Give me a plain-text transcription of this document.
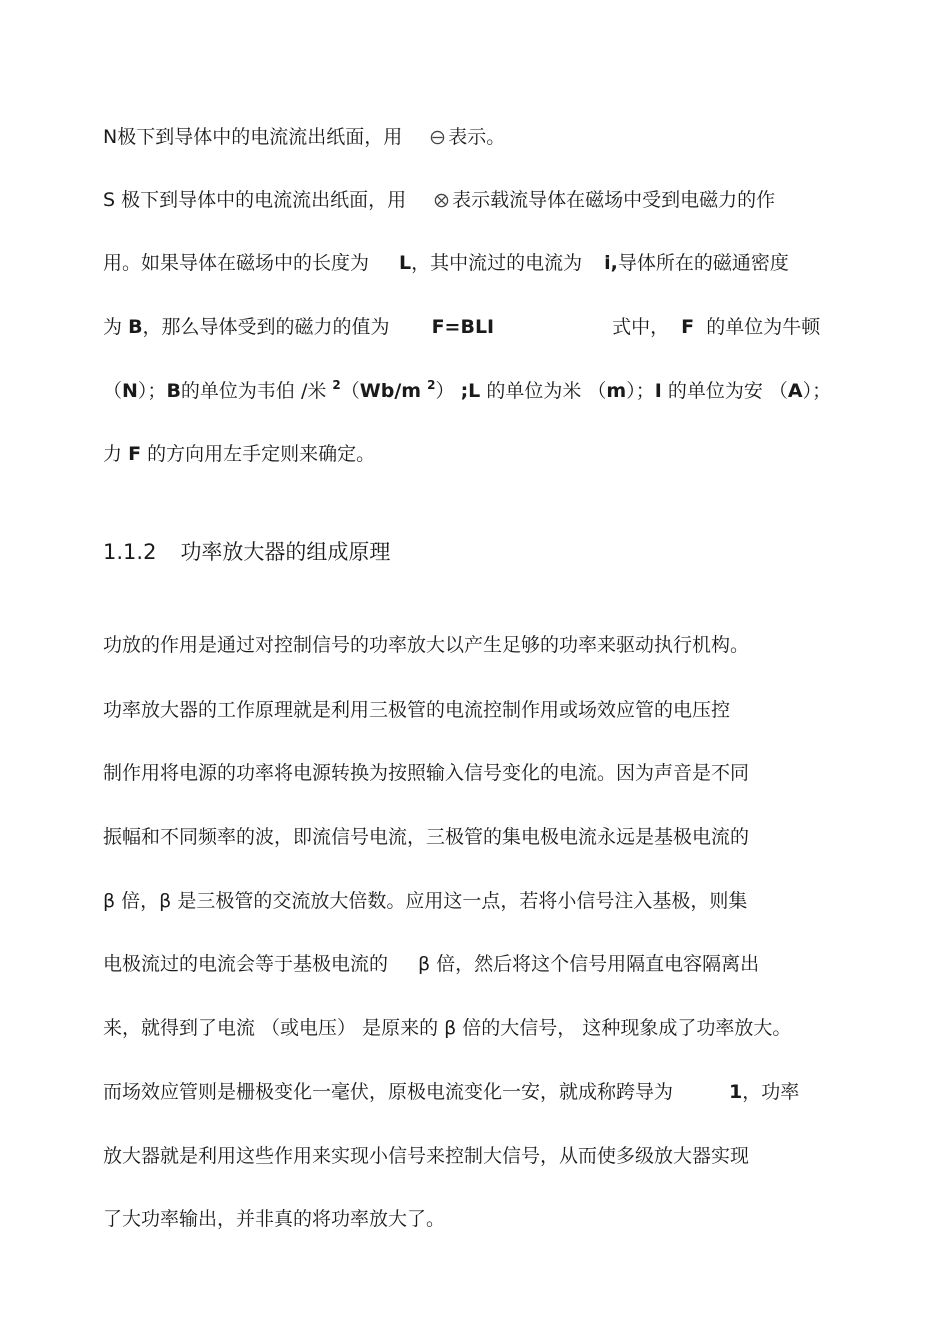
N极下到导体中的电流流出纸面，用 表示。
S 极下到导体中的电流流出纸面，用 表示载流导体在磁场中受到电磁力的作
用。如果导体在磁场中的长度为 L，其中流过的电流为 i,导体所在的磁通密度
为 B，那么导体受到的磁力的值为 F=BLI	式中， F 的单位为牛顿
（N）；B的单位为韦伯 /米 $^2$（Wb/m $^2$） ;L 的单位为米 （m）；I 的单位为安 （A）；
力 F 的方向用左手定则来确定。
1.1.2 功率放大器的组成原理
功放的作用是通过对控制信号的功率放大以产生足够的功率来驱动执行机构。
功率放大器的工作原理就是利用三极管的电流控制作用或场效应管的电压控
制作用将电源的功率将电源转换为按照输入信号变化的电流。因为声音是不同
振幅和不同频率的波，即流信号电流，三极管的集电极电流永远是基极电流的
β 倍，β 是三极管的交流放大倍数。应用这一点，若将小信号注入基极，则集
电极流过的电流会等于基极电流的 β 倍，然后将这个信号用隔直电容隔离出
来，就得到了电流 （或电压） 是原来的 β 倍的大信号， 这种现象成了功率放大。
而场效应管则是栅极变化一毫伏，原极电流变化一安，就成称跨导为	1，功率
放大器就是利用这些作用来实现小信号来控制大信号，从而使多级放大器实现
了大功率输出，并非真的将功率放大了。
